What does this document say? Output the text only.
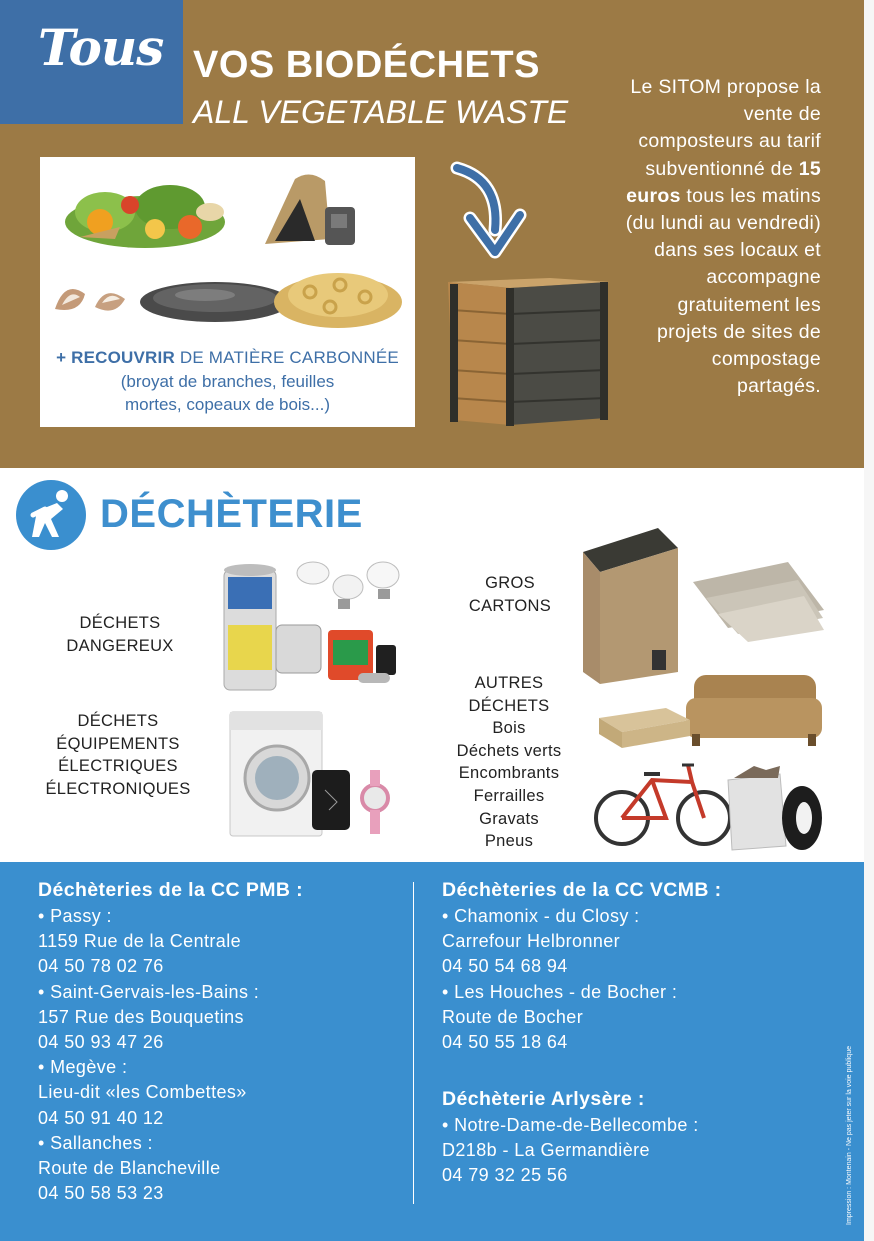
Tous VOS BIODÉCHETS
ALL VEGETABLE WASTE
+ RECOUVRIR DE MATIÈRE CARBONNÉE
(broyat de branches, feuilles
mortes, copeaux de bois...)
Le SITOM propose la vente de composteurs au tarif subventionné de 15 euros tous les matins (du lundi au vendredi) dans ses locaux et accompagne gratuitement les projets de sites de compostage partagés.
DÉCHÈTERIE
DÉCHETS
DANGEREUX
DÉCHETS
ÉQUIPEMENTS
ÉLECTRIQUES
ÉLECTRONIQUES
GROS
CARTONS
AUTRES
DÉCHETS
Bois
Déchets verts
Encombrants
Ferrailles
Gravats
Pneus
Déchèteries de la CC PMB :
• Passy :
1159 Rue de la Centrale
04 50 78 02 76
• Saint-Gervais-les-Bains :
157 Rue des Bouquetins
04 50 93 47 26
• Megève :
Lieu-dit «les Combettes»
04 50 91 40 12
• Sallanches :
Route de Blancheville
04 50 58 53 23
Déchèteries de la CC VCMB :
• Chamonix - du Closy :
Carrefour Helbronner
04 50 54 68 94
• Les Houches - de Bocher :
Route de Bocher
04 50 55 18 64
Déchèterie Arlysère :
• Notre-Dame-de-Bellecombe :
D218b - La Germandière
04 79 32 25 56	Impression : Montenain - Ne pas jeter sur la voie publique
